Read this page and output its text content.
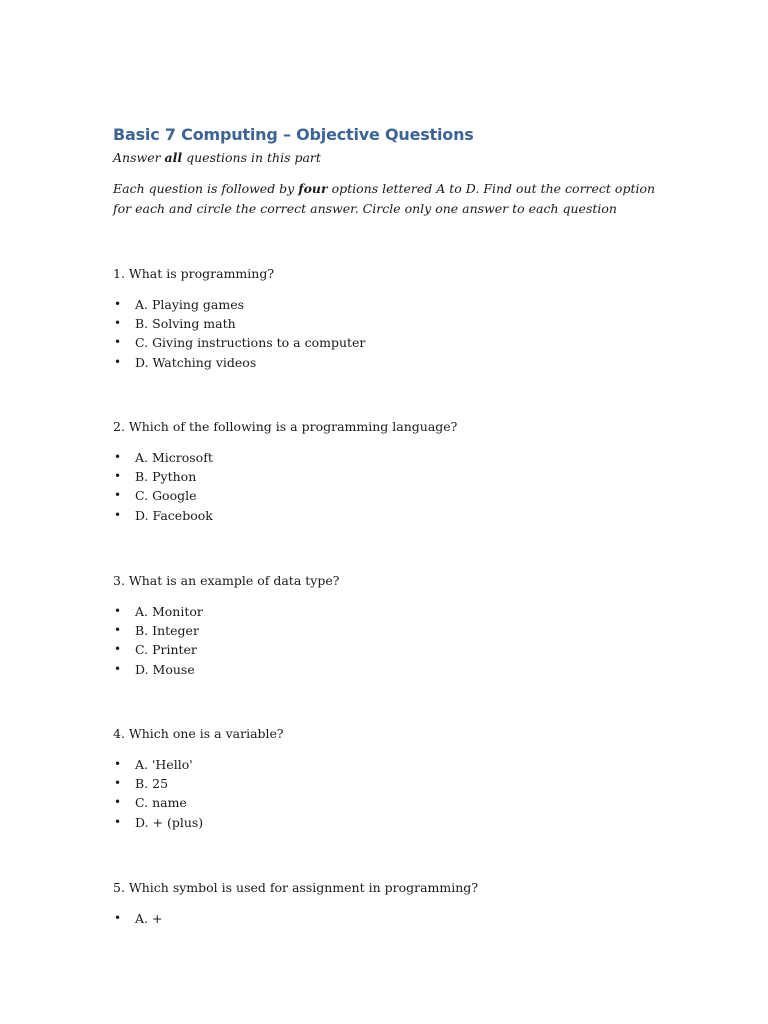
Basic 7 Computing – Objective Questions

Answer all questions in this part

Each question is followed by four options lettered A to D. Find out the correct option for each and circle the correct answer. Circle only one answer to each question

1. What is programming?

• A. Playing games
• B. Solving math
• C. Giving instructions to a computer
• D. Watching videos

2. Which of the following is a programming language?

• A. Microsoft
• B. Python
• C. Google
• D. Facebook

3. What is an example of data type?

• A. Monitor
• B. Integer
• C. Printer
• D. Mouse

4. Which one is a variable?

• A. 'Hello'
• B. 25
• C. name
• D. + (plus)

5. Which symbol is used for assignment in programming?

• A. +
